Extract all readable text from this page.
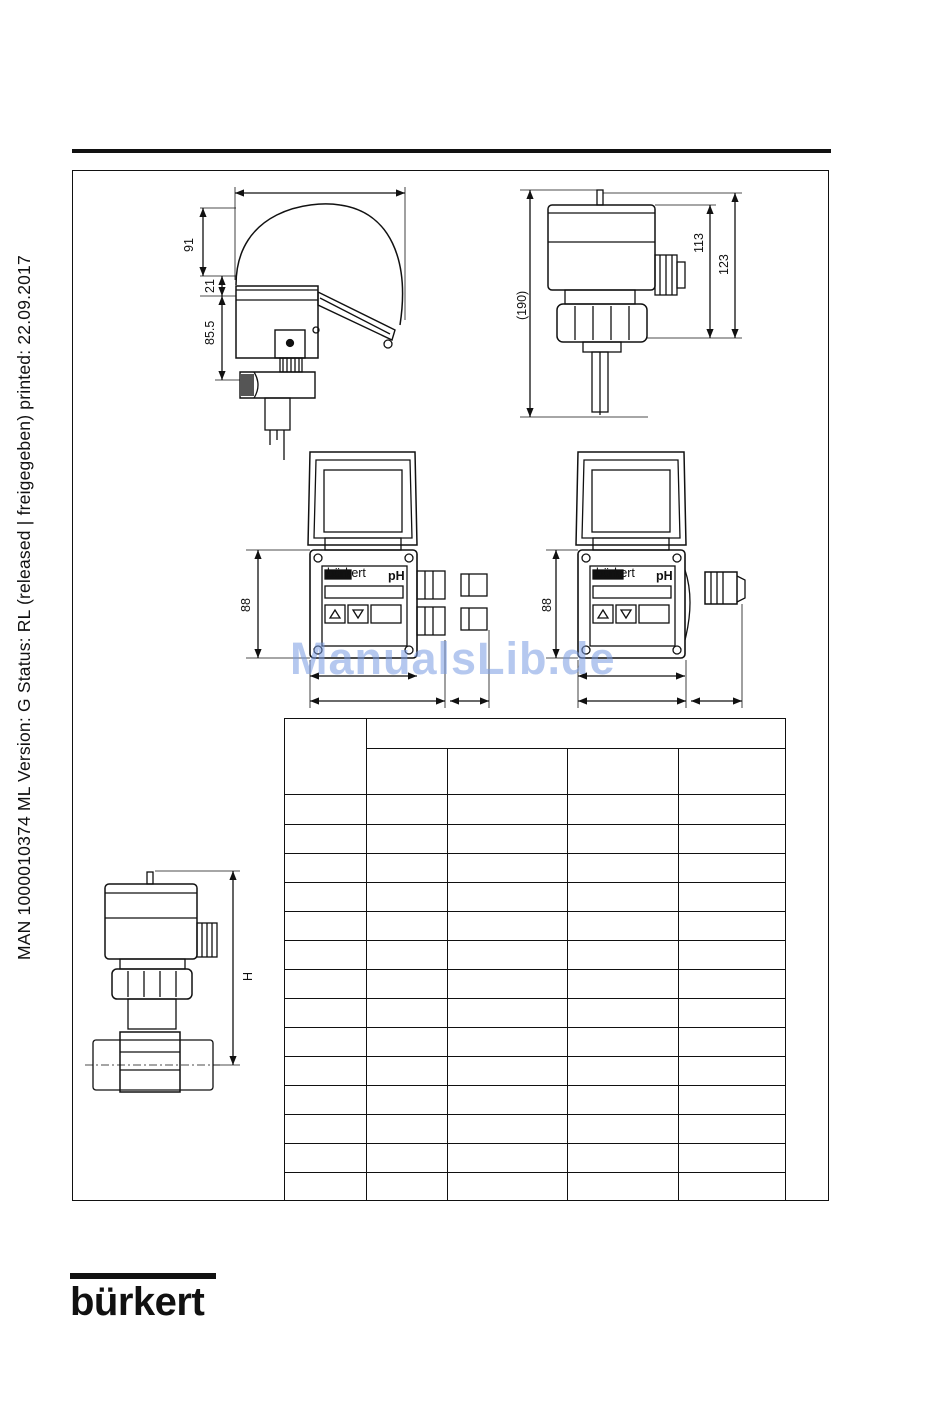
MAN 1000010374 ML Version: G Status: RL (released | freigegeben) printed: 22.09.2017
91
21
85.5
(190)
113
123
bürkert pH
88
bürkert pH
88
H

ManualsLib.de
bürkert
